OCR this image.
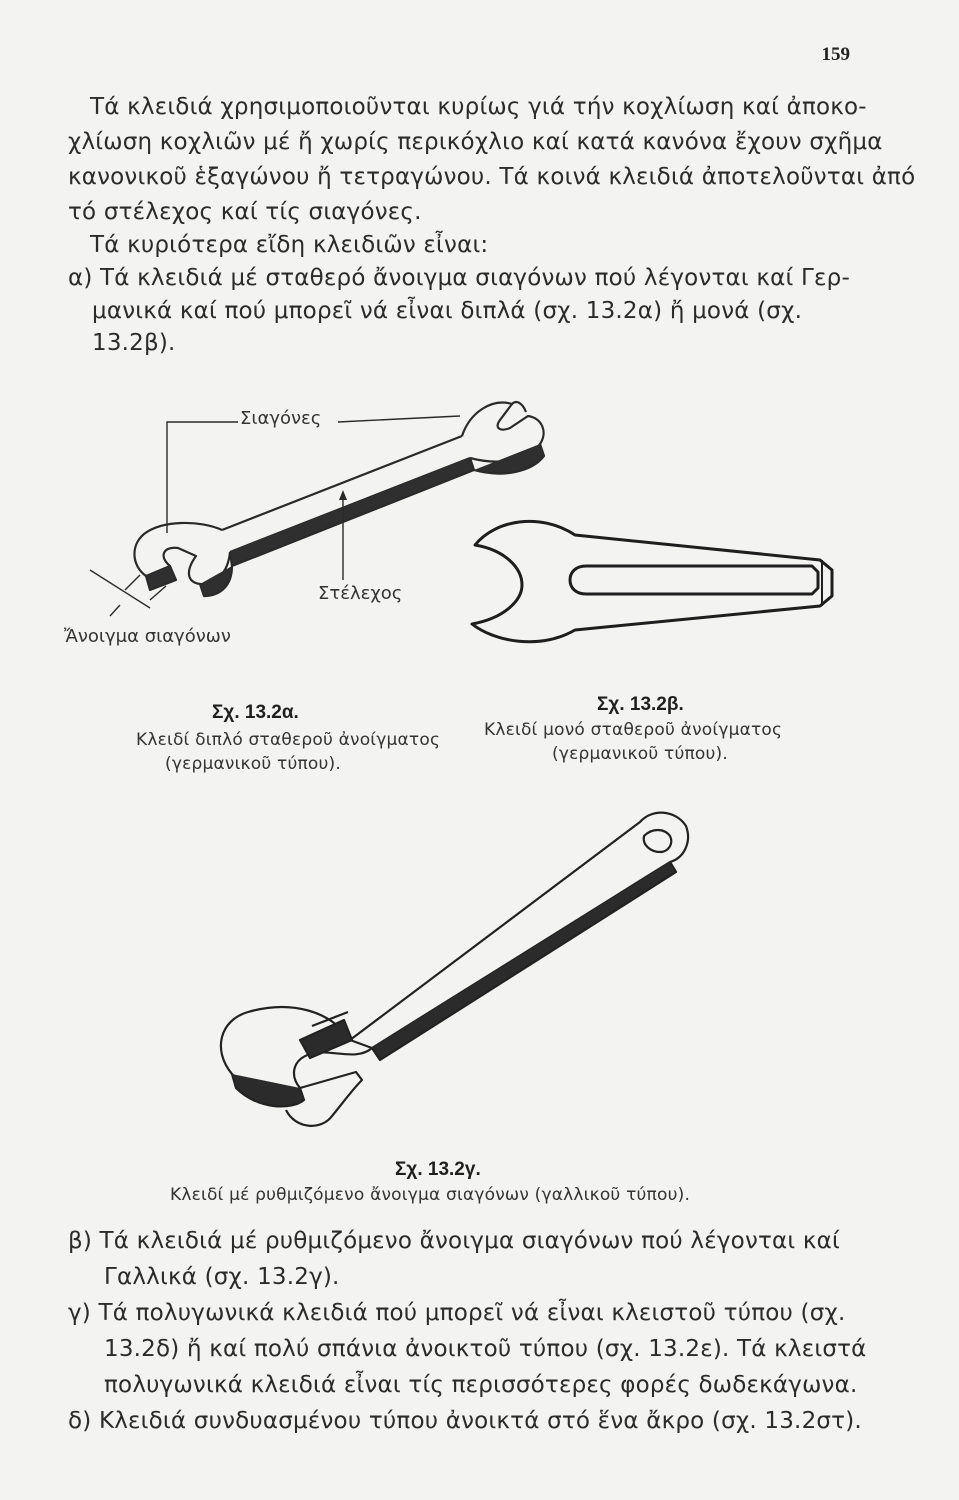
159
Τά κλειδιά χρησιμοποιοῦνται κυρίως γιά τήν κοχλίωση καί ἀποκο-
χλίωση κοχλιῶν μέ ἤ χωρίς περικόχλιο καί κατά κανόνα ἔχουν σχῆμα
κανονικοῦ ἑξαγώνου ἤ τετραγώνου. Τά κοινά κλειδιά ἀποτελοῦνται ἀπό
τό στέλεχος καί τίς σιαγόνες.
Τά κυριότερα εἴδη κλειδιῶν εἶναι:
α) Τά κλειδιά μέ σταθερό ἄνοιγμα σιαγόνων πού λέγονται καί Γερ-
μανικά καί πού μπορεῖ νά εἶναι διπλά (σχ. 13.2α) ἤ μονά (σχ.
13.2β).
Σιαγόνες
Στέλεχος
Ἄνοιγμα σιαγόνων
Σχ. 13.2α.
Κλειδί διπλό σταθεροῦ ἀνοίγματος
(γερμανικοῦ τύπου).
Σχ. 13.2β.
Κλειδί μονό σταθεροῦ ἀνοίγματος
(γερμανικοῦ τύπου).
Σχ. 13.2γ.
Κλειδί μέ ρυθμιζόμενο ἄνοιγμα σιαγόνων (γαλλικοῦ τύπου).
β) Τά κλειδιά μέ ρυθμιζόμενο ἄνοιγμα σιαγόνων πού λέγονται καί
Γαλλικά (σχ. 13.2γ).
γ) Τά πολυγωνικά κλειδιά πού μπορεῖ νά εἶναι κλειστοῦ τύπου (σχ.
13.2δ) ἤ καί πολύ σπάνια ἀνοικτοῦ τύπου (σχ. 13.2ε). Τά κλειστά
πολυγωνικά κλειδιά εἶναι τίς περισσότερες φορές δωδεκάγωνα.
δ) Κλειδιά συνδυασμένου τύπου ἀνοικτά στό ἕνα ἄκρο (σχ. 13.2στ).
